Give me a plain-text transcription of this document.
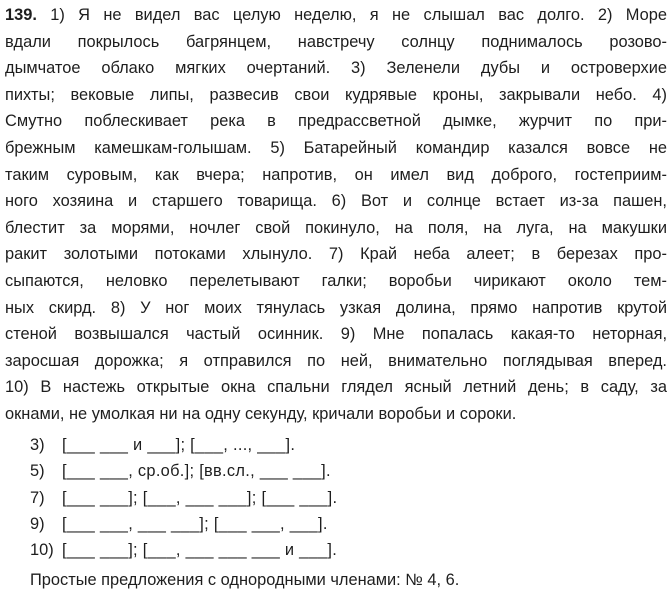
139. 1) Я не видел вас целую неделю, я не слышал вас долго. 2) Море
вдали покрылось багрянцем, навстречу солнцу поднималось розово-
дымчатое облако мягких очертаний. 3) Зеленели дубы и островерхие
пихты; вековые липы, развесив свои кудрявые кроны, закрывали небо. 4)
Смутно поблескивает река в предрассветной дымке, журчит по при-
брежным камешкам-голышам. 5) Батарейный командир казался вовсе не
таким суровым, как вчера; напротив, он имел вид доброго, гостеприим-
ного хозяина и старшего товарища. 6) Вот и солнце встает из-за пашен,
блестит за морями, ночлег свой покинуло, на поля, на луга, на макушки
ракит золотыми потоками хлынуло. 7) Край неба алеет; в березах про-
сыпаются, неловко перелетывают галки; воробьи чирикают около тем-
ных скирд. 8) У ног моих тянулась узкая долина, прямо напротив крутой
стеной возвышался частый осинник. 9) Мне попалась какая-то неторная,
заросшая дорожка; я отправился по ней, внимательно поглядывая вперед.
10) В настежь открытые окна спальни глядел ясный летний день; в саду, за
окнами, не умолкая ни на одну секунду, кричали воробьи и сороки.
3) [___ ___ и ___]; [___, ..., ___].
5) [___ ___, ср.об.]; [вв.сл., ___ ___].
7) [___ ___]; [___, ___ ___]; [___ ___].
9) [___ ___, ___ ___]; [___ ___, ___].
10) [___ ___]; [___, ___ ___ ___ и ___].
Простые предложения с однородными членами: № 4, 6.
